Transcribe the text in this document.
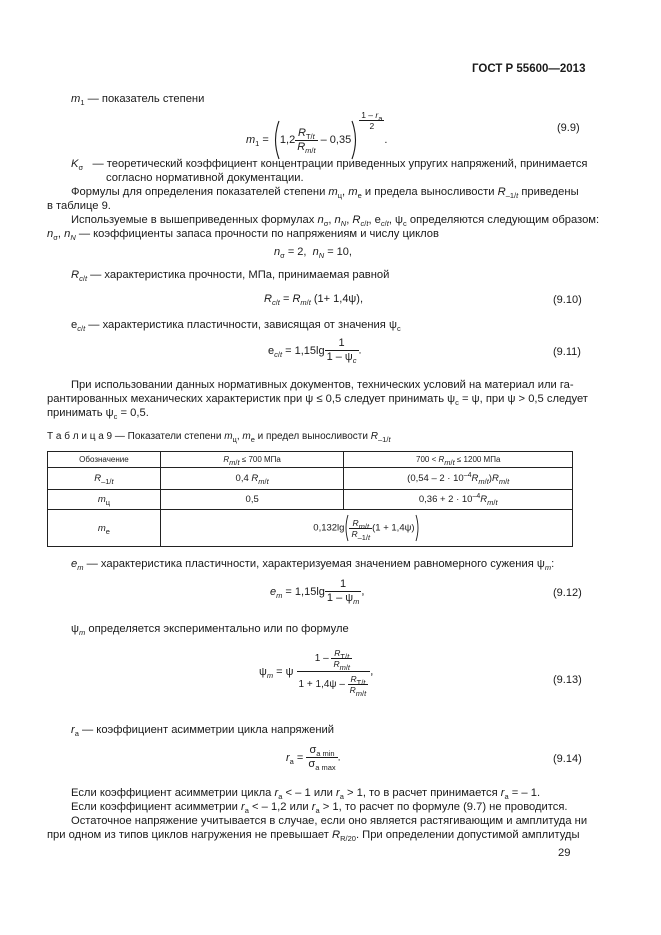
ГОСТ Р 55600—2013
$m_1$ — показатель степени
$m_1 = 1,2 \frac{R_{T/t}}{R_{m/t}} - 0,35$
$\frac{1 - r_а}{2}$
.
(9.9)
$K_\sigma$ — теоретический коэффициент концентрации приведенных упругих напряжений, принимается
согласно нормативной документации.
Формулы для определения показателей степени $m_ц$, $m_е$ и предела выносливости $R_{-1/t}$ приведены
в таблице 9.
Используемые в вышеприведенных формулах $n_\sigma$, $n_N$, $R_{c/t}$, $e_{c/t}$, $\psi_c$ определяются следующим образом:
$n_\sigma$, $n_N$ — коэффициенты запаса прочности по напряжениям и числу циклов
$n_\sigma = 2$,  $n_N = 10$,
$R_{c/t}$ — характеристика прочности, МПа, принимаемая равной
$R_{c/t} = R_{m/t}$ (1+ 1,4ψ),	(9.10)
$e_{c/t}$ — характеристика пластичности, зависящая от значения $\psi_c$
$e_{c/t} = 1,15\lg \frac{1}{1 - \psi_c}$ .	(9.11)
При использовании данных нормативных документов, технических условий на материал или га-
рантированных механических характеристик при ψ ≤ 0,5 следует принимать $\psi_c = \psi$, при ψ > 0,5 следует
принимать $\psi_c = 0,5$.
Т а б л и ц а 9 — Показатели степени $m_ц$, $m_е$ и предел выносливости $R_{-1/t}$
Обозначение	$R_{m/t} \le 700$ МПа	$700 < R_{m/t} \le 1200$ МПа
$R_{-1/t}$	0,4 $R_{m/t}$	$(0,54 - 2 \cdot 10^{-4}R_{m/t})R_{m/t}$
$m_ц$	0,5	$0,36 + 2 \cdot 10^{-4}R_{m/t}$
$m_е$	$0,132\lg \frac{R_{m/t}}{R_{-1/t}} (1 + 1,4\psi)$	
$e_m$ — характеристика пластичности, характеризуемая значением равномерного сужения $\psi_m$:
$e_m = 1,15\lg \frac{1}{1 - \psi_m}$ ,	(9.12)
$\psi_m$ определяется экспериментально или по формуле
$\psi_m = \psi \frac{1 - \frac{R_{T/t}}{R_{m/t}}}{1 + 1,4\psi - \frac{R_{T/t}}{R_{m/t}}}$ ,
(9.13)
$r_а$ — коэффициент асимметрии цикла напряжений
$r_а = \frac{\sigma_{a min}}{\sigma_{a max}}$ .	(9.14)
Если коэффициент асимметрии цикла $r_а$ < – 1 или $r_а > 1$, то в расчет принимается $r_а$ = – 1.
Если коэффициент асимметрии $r_а$ < – 1,2 или $r_а > 1$, то расчет по формуле (9.7) не проводится.
Остаточное напряжение учитывается в случае, если оно является растягивающим и амплитуда ни
при одном из типов циклов нагружения не превышает $R_{R/20}$. При определении допустимой амплитуды
29
